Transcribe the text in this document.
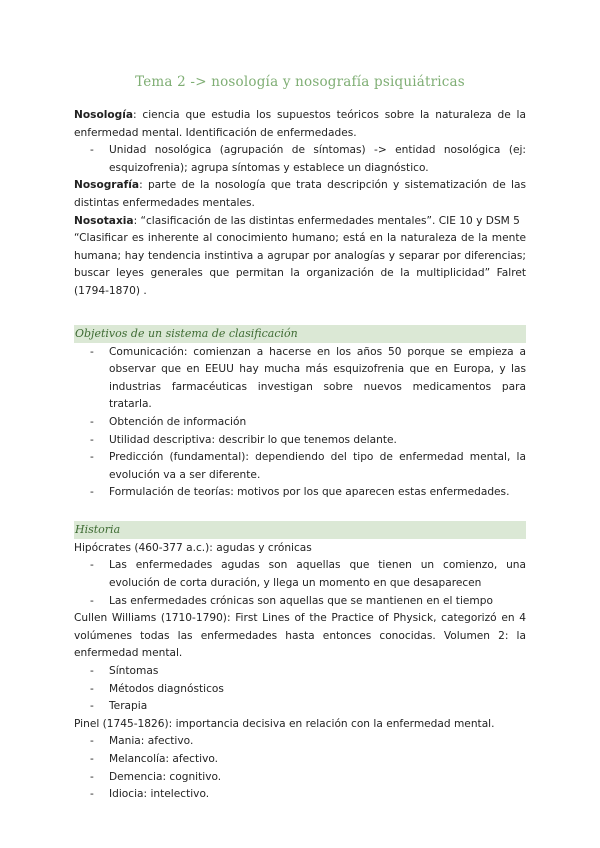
Tema 2 -> nosología y nosografía psiquiátricas

Nosología: ciencia que estudia los supuestos teóricos sobre la naturaleza de la enfermedad mental. Identificación de enfermedades.

- Unidad nosológica (agrupación de síntomas) -> entidad nosológica (ej: esquizofrenia); agrupa síntomas y establece un diagnóstico.

Nosografía: parte de la nosología que trata descripción y sistematización de las distintas enfermedades mentales.

Nosotaxia: “clasificación de las distintas enfermedades mentales”. CIE 10 y DSM 5

“Clasificar es inherente al conocimiento humano; está en la naturaleza de la mente humana; hay tendencia instintiva a agrupar por analogías y separar por diferencias; buscar leyes generales que permitan la organización de la multiplicidad” Falret (1794-1870) .

Objetivos de un sistema de clasificación
- Comunicación: comienzan a hacerse en los años 50 porque se empieza a observar que en EEUU hay mucha más esquizofrenia que en Europa, y las industrias farmacéuticas investigan sobre nuevos medicamentos para tratarla.
- Obtención de información
- Utilidad descriptiva: describir lo que tenemos delante.
- Predicción (fundamental): dependiendo del tipo de enfermedad mental, la evolución va a ser diferente.
- Formulación de teorías: motivos por los que aparecen estas enfermedades.
Historia

Hipócrates (460-377 a.c.): agudas y crónicas

- Las enfermedades agudas son aquellas que tienen un comienzo, una evolución de corta duración, y llega un momento en que desaparecen
- Las enfermedades crónicas son aquellas que se mantienen en el tiempo

Cullen Williams (1710-1790): First Lines of the Practice of Physick, categorizó en 4 volúmenes todas las enfermedades hasta entonces conocidas. Volumen 2: la enfermedad mental.

- Síntomas
- Métodos diagnósticos
- Terapia

Pinel (1745-1826): importancia decisiva en relación con la enfermedad mental.

- Mania: afectivo.
- Melancolía: afectivo.
- Demencia: cognitivo.
- Idiocia: intelectivo.
